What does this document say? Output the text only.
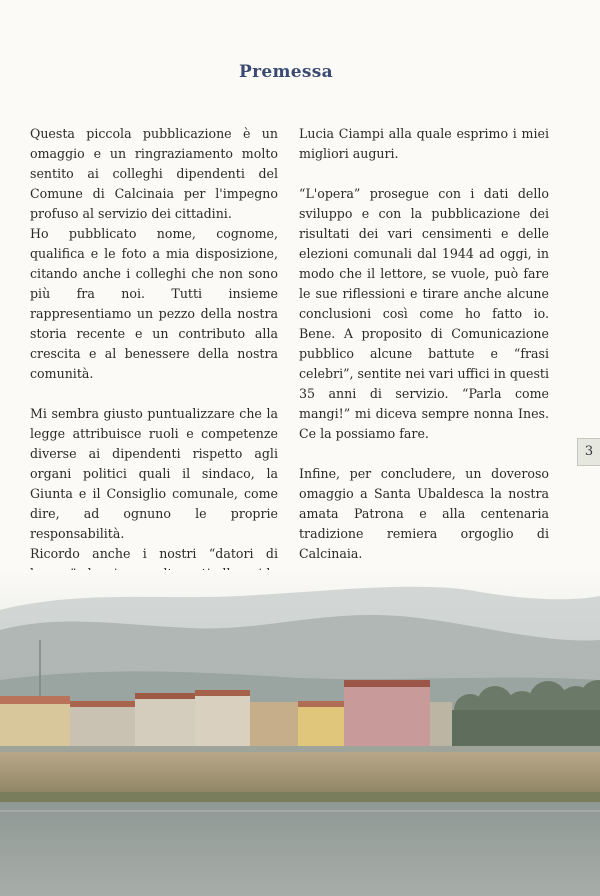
Premessa

Questa piccola pubblicazione è un omaggio e un ringraziamento molto sentito ai colleghi dipendenti del Comune di Calcinaia per l'impegno profuso al servizio dei cittadini.

Ho pubblicato nome, cognome, qualifica e le foto a mia disposizione, citando anche i colleghi che non sono più fra noi. Tutti insieme rappresentiamo un pezzo della nostra storia recente e un contributo alla crescita e al benessere della nostra comunità.

Mi sembra giusto puntualizzare che la legge attribuisce ruoli e competenze diverse ai dipendenti rispetto agli organi politici quali il sindaco, la Giunta e il Consiglio comunale, come dire, ad ognuno le proprie responsabilità.

Ricordo anche i nostri “datori di

Lucia Ciampi alla quale esprimo i miei migliori auguri.

“L'opera” prosegue con i dati dello sviluppo e con la pubblicazione dei risultati dei vari censimenti e delle elezioni comunali dal 1944 ad oggi, in modo che il lettore, se vuole, può fare le sue riflessioni e tirare anche alcune conclusioni così come ho fatto io. Bene. A proposito di Comunicazione pubblico alcune battute e “frasi celebri”, sentite nei vari uffici in questi 35 anni di servizio. “Parla come mangi!” mi diceva sempre nonna Ines. Ce la possiamo fare.

Infine, per concludere, un doveroso omaggio a Santa Ubaldesca la nostra amata Patrona e alla centenaria tradizione remiera orgoglio di Calcinaia.

3
